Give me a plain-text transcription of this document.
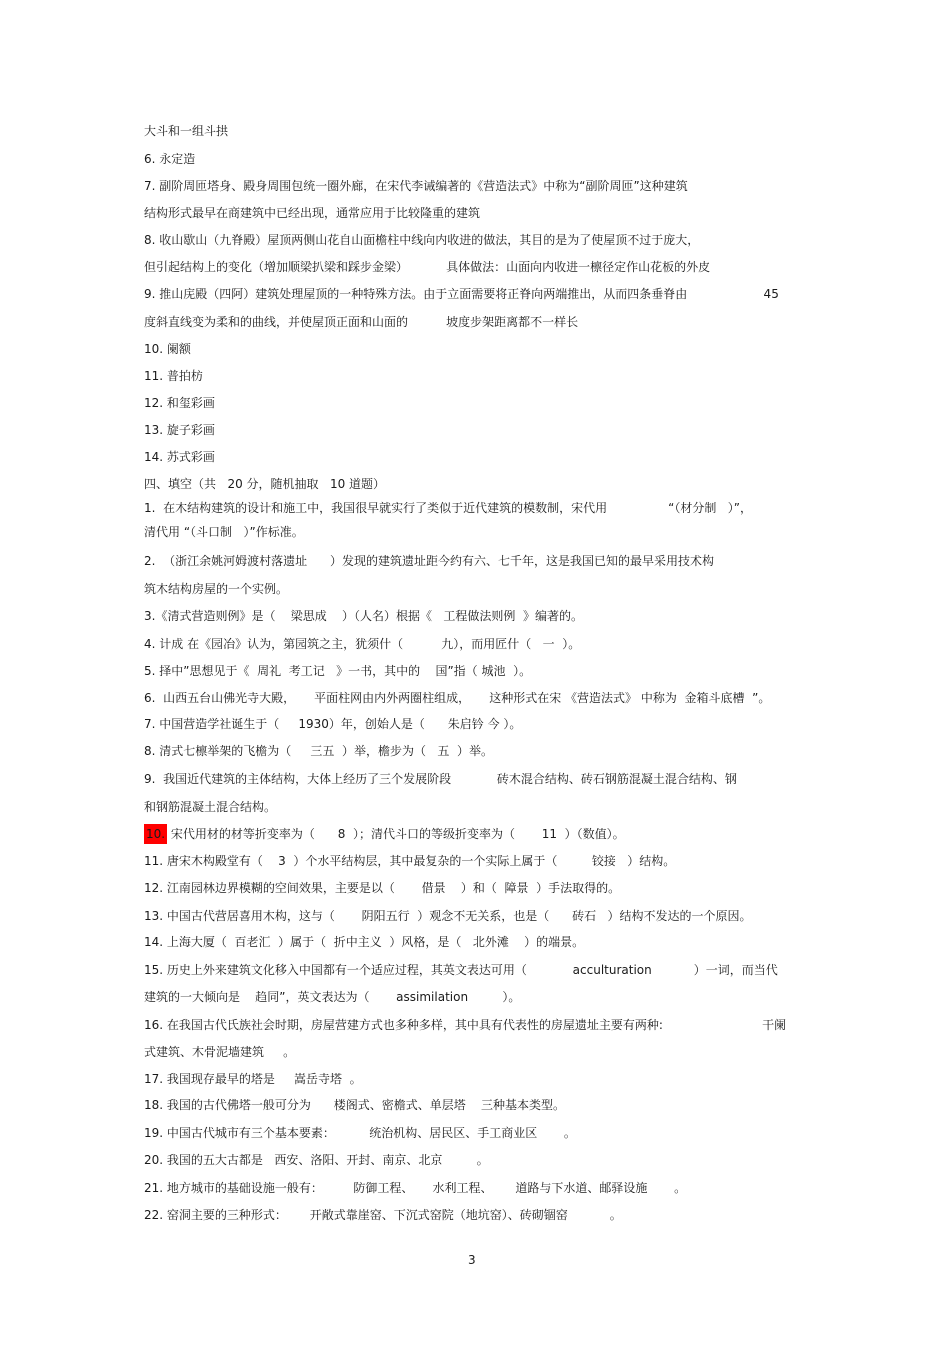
大斗和一组斗拱
6. 永定造
7. 副阶周匝塔身、殿身周围包统一圈外廊，在宋代李诫编著的《营造法式》中称为“副阶周匝”这种建筑
结构形式最早在商建筑中已经出现，通常应用于比较隆重的建筑
8. 收山歇山（九脊殿）屋顶两侧山花自山面檐柱中线向内收进的做法，其目的是为了使屋顶不过于庞大，
但引起结构上的变化（增加顺梁扒梁和踩步金梁）          具体做法：山面向内收进一檩径定作山花板的外皮
9. 推山庑殿（四阿）建筑处理屋顶的一种特殊方法。由于立面需要将正脊向两端推出，从而四条垂脊由                    45
度斜直线变为柔和的曲线，并使屋顶正面和山面的          坡度步架距离都不一样长
10. 阑额
11. 普拍枋
12. 和玺彩画
13. 旋子彩画
14. 苏式彩画
四、填空（共   20 分，随机抽取   10 道题）
1.  在木结构建筑的设计和施工中，我国很早就实行了类似于近代建筑的模数制，宋代用                “（材分制   ）”，
清代用 “（斗口制   ）”作标准。
2.  （浙江余姚河姆渡村落遗址      ）发现的建筑遗址距今约有六、七千年，这是我国已知的最早采用技术构
筑木结构房屋的一个实例。
3.《清式营造则例》是（    梁思成    ）（人名）根据《   工程做法则例  》编著的。
4. 计成 在《园冶》认为，第园筑之主，犹须什（          九），而用匠什（   一  ）。
5. 择中”思想见于《  周礼  考工记   》一书，其中的    国”指（ 城池  ）。
6.  山西五台山佛光寺大殿，     平面柱网由内外两圈柱组成，     这种形式在宋 《营造法式》 中称为  金箱斗底槽  ”。
7. 中国营造学社诞生于（     1930）年，创始人是（      朱启钤 今 ）。
8. 清式七檩举架的飞檐为（     三五  ）举，檐步为（   五  ）举。
9.  我国近代建筑的主体结构，大体上经历了三个发展阶段            砖木混合结构、砖石钢筋混凝土混合结构、钢
和钢筋混凝土混合结构。
10. 宋代用材的材等折变率为（      8  ）；清代斗口的等级折变率为（       11  ）（数值）。
11. 唐宋木构殿堂有（    3  ）个水平结构层，其中最复杂的一个实际上属于（         铰接   ）结构。
12. 江南园林边界模糊的空间效果，主要是以（       借景    ）和（  障景  ）手法取得的。
13. 中国古代营居喜用木构，这与（       阴阳五行  ）观念不无关系，也是（      砖石   ）结构不发达的一个原因。
14. 上海大厦（  百老汇  ）属于（  折中主义  ）风格，是（   北外滩    ）的端景。
15. 历史上外来建筑文化移入中国都有一个适应过程，其英文表达可用（            acculturation           ）一词，而当代
建筑的一大倾向是    趋同”，英文表达为（       assimilation         ）。
16. 在我国古代氏族社会时期，房屋营建方式也多种多样，其中具有代表性的房屋遗址主要有两种:                          干阑
式建筑、木骨泥墙建筑     。
17. 我国现存最早的塔是     嵩岳寺塔  。
18. 我国的古代佛塔一般可分为      楼阁式、密檐式、单层塔    三种基本类型。
19. 中国古代城市有三个基本要素：         统治机构、居民区、手工商业区       。
20. 我国的五大古都是   西安、洛阳、开封、南京、北京         。
21. 地方城市的基础设施一般有：        防御工程、     水利工程、      道路与下水道、邮驿设施       。
22. 窑洞主要的三种形式：      开敞式靠崖窑、下沉式窑院（地坑窑）、砖砌锢窑           。
3
